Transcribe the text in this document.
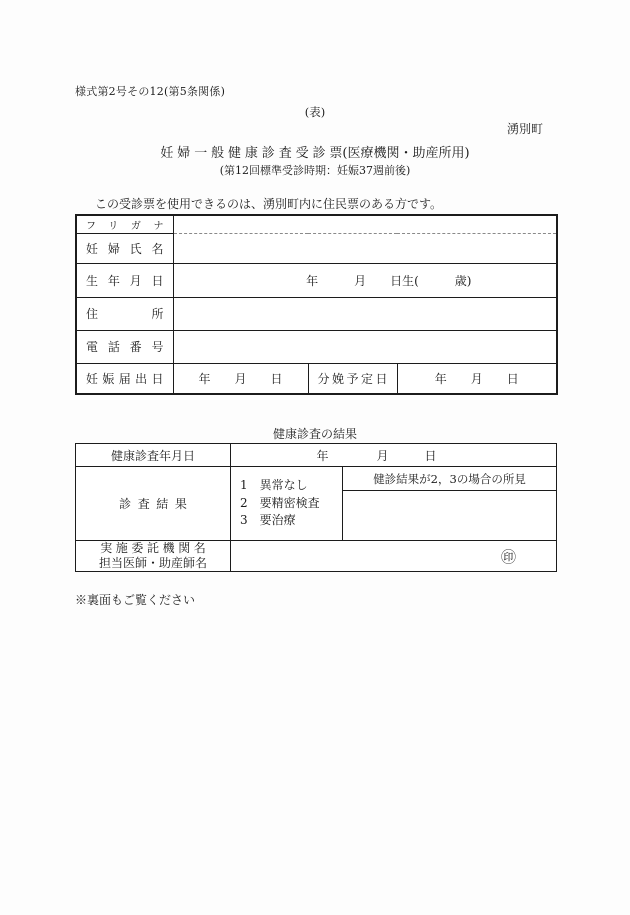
様式第2号その12(第5条関係)
(表)
湧別町
妊婦一般健康診査受診票(医療機関・助産所用)
(第12回標準受診時期：妊娠37週前後)
この受診票を使用できるのは、湧別町内に住民票のある方です。
フリガナ			

妊婦氏名			

生年月日	年　　　月　　日生(　　　歳)		

住　所			

電話番号			

妊娠届出日	年　　月　　日	分娩予定日	年　　月　　日
健康診査の結果
健康診査年月日	年　　　　月　　　日	
診査結果	1　異常なし
2　要精密検査
3　要治療	健診結果が2，3の場合の所見

実施委託機関名
担当医師・助産師名	㊞	
※裏面もご覧ください
